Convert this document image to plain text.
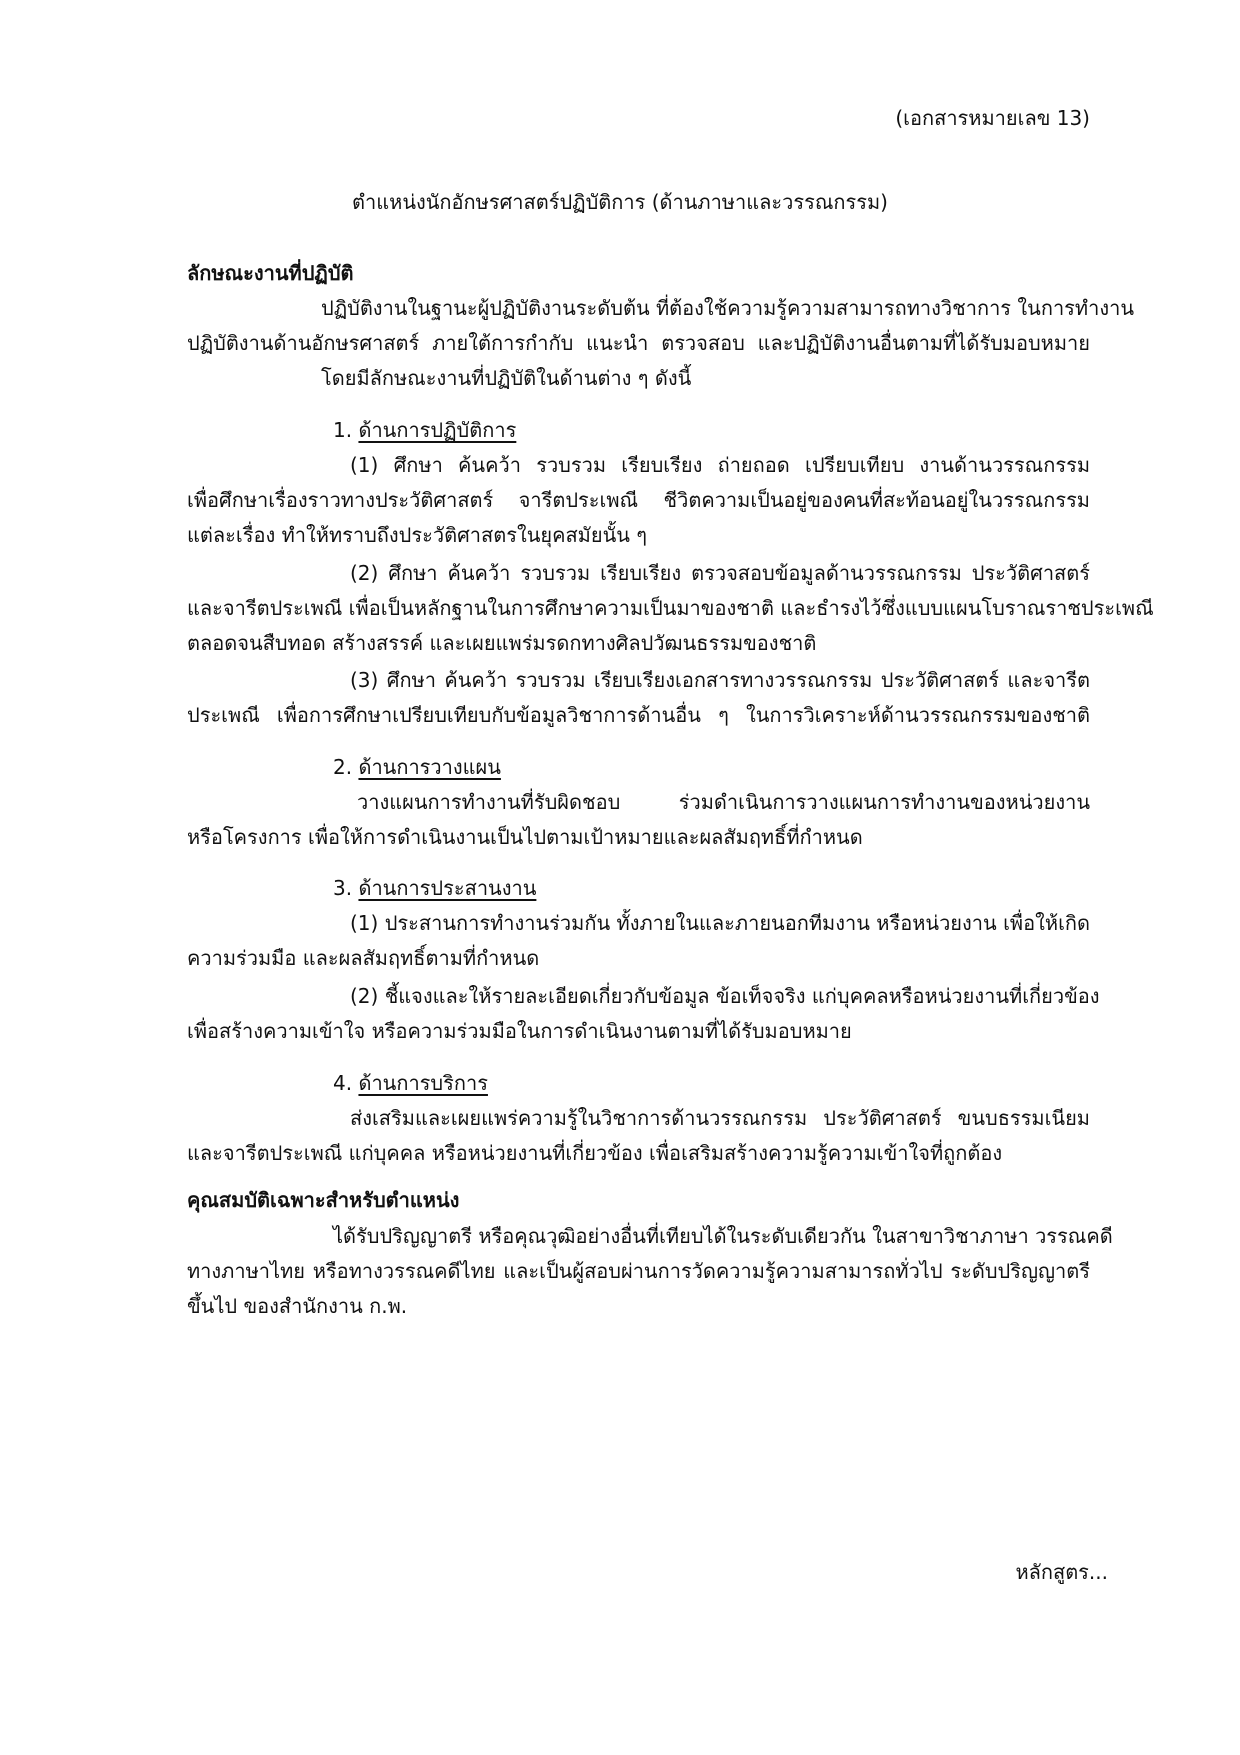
(เอกสารหมายเลข 13)
ตำแหน่งนักอักษรศาสตร์ปฏิบัติการ (ด้านภาษาและวรรณกรรม)
ลักษณะงานที่ปฏิบัติ
ปฏิบัติงานในฐานะผู้ปฏิบัติงานระดับต้น ที่ต้องใช้ความรู้ความสามารถทางวิชาการ ในการทำงาน
ปฏิบัติงานด้านอักษรศาสตร์ ภายใต้การกำกับ แนะนำ ตรวจสอบ และปฏิบัติงานอื่นตามที่ได้รับมอบหมาย
โดยมีลักษณะงานที่ปฏิบัติในด้านต่าง ๆ ดังนี้
1. ด้านการปฏิบัติการ
(1) ศึกษา ค้นคว้า รวบรวม เรียบเรียง ถ่ายถอด เปรียบเทียบ งานด้านวรรณกรรม
เพื่อศึกษาเรื่องราวทางประวัติศาสตร์ จารีตประเพณี ชีวิตความเป็นอยู่ของคนที่สะท้อนอยู่ในวรรณกรรม
แต่ละเรื่อง ทำให้ทราบถึงประวัติศาสตรในยุคสมัยนั้น ๆ
(2) ศึกษา ค้นคว้า รวบรวม เรียบเรียง ตรวจสอบข้อมูลด้านวรรณกรรม ประวัติศาสตร์
และจารีตประเพณี เพื่อเป็นหลักฐานในการศึกษาความเป็นมาของชาติ และธำรงไว้ซึ่งแบบแผนโบราณราชประเพณี
ตลอดจนสืบทอด สร้างสรรค์ และเผยแพร่มรดกทางศิลปวัฒนธรรมของชาติ
(3) ศึกษา ค้นคว้า รวบรวม เรียบเรียงเอกสารทางวรรณกรรม ประวัติศาสตร์ และจารีต
ประเพณี เพื่อการศึกษาเปรียบเทียบกับข้อมูลวิชาการด้านอื่น ๆ ในการวิเคราะห์ด้านวรรณกรรมของชาติ
2. ด้านการวางแผน
วางแผนการทำงานที่รับผิดชอบ ร่วมดำเนินการวางแผนการทำงานของหน่วยงาน
หรือโครงการ เพื่อให้การดำเนินงานเป็นไปตามเป้าหมายและผลสัมฤทธิ์ที่กำหนด
3. ด้านการประสานงาน
(1) ประสานการทำงานร่วมกัน ทั้งภายในและภายนอกทีมงาน หรือหน่วยงาน เพื่อให้เกิด
ความร่วมมือ และผลสัมฤทธิ์ตามที่กำหนด
(2) ชี้แจงและให้รายละเอียดเกี่ยวกับข้อมูล ข้อเท็จจริง แก่บุคคลหรือหน่วยงานที่เกี่ยวข้อง
เพื่อสร้างความเข้าใจ หรือความร่วมมือในการดำเนินงานตามที่ได้รับมอบหมาย
4. ด้านการบริการ
ส่งเสริมและเผยแพร่ความรู้ในวิชาการด้านวรรณกรรม ประวัติศาสตร์ ขนบธรรมเนียม
และจารีตประเพณี แก่บุคคล หรือหน่วยงานที่เกี่ยวข้อง เพื่อเสริมสร้างความรู้ความเข้าใจที่ถูกต้อง
คุณสมบัติเฉพาะสำหรับตำแหน่ง
ได้รับปริญญาตรี หรือคุณวุฒิอย่างอื่นที่เทียบได้ในระดับเดียวกัน ในสาขาวิชาภาษา วรรณคดี
ทางภาษาไทย หรือทางวรรณคดีไทย และเป็นผู้สอบผ่านการวัดความรู้ความสามารถทั่วไป ระดับปริญญาตรี
ขึ้นไป ของสำนักงาน ก.พ.
หลักสูตร...
